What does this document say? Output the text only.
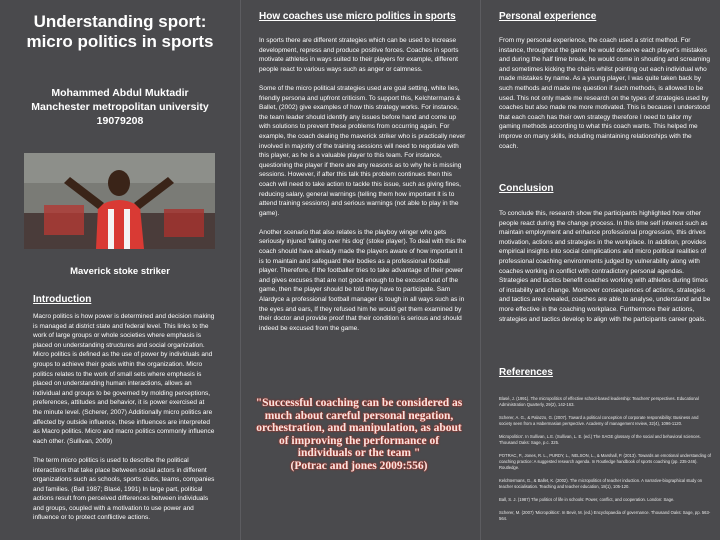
Understanding sport: micro politics in sports
Mohammed Abdul Muktadir
Manchester metropolitan university
19079208
Maverick stoke striker
Introduction

Macro politics is how power is determined and decision making is managed at district state and federal level. This links to the work of large groups or whole societies where emphasis is placed on understanding structures and social organization. Micro politics is defined as the use of power by individuals and groups to achieve their goals within the organization. Micro politics relates to the work of small sets where emphasis is placed on understanding human interactions, allows an individual and groups to be governed by molding perceptions, preferences, attitudes and behavior, it is power exercised at the minute level. (Scherer, 2007) Additionally micro politics are affected by outside influence, these influences are interpreted as Macro politics. Micro and macro politics commonly influence each other. (Sullivan, 2009)

The term micro politics is used to describe the political interactions that take place between social actors in different organizations such as schools, sports clubs, teams, companies and families. (Ball 1987; Blasé, 1991) In large part, political actions result from perceived differences between individuals and groups, coupled with a motivation to use power and influence or to protect conflictive actions.

How coaches use micro politics in sports

In sports there are different strategies which can be used to increase development, repress and produce positive forces. Coaches in sports motivate athletes in ways suited to their players for example, different people react to various ways such as anger or calmness.

Some of the micro political strategies used are goal setting, white lies, friendly persona and upfront criticism. To support this, Kelchtermans & Ballet, (2002) give examples of how this strategy works. For instance, the team leader should identify any issues before hand and come up with solutions to prevent these problems from occurring again. For example, the coach dealing the maverick striker who is practically never involved in majority of the training sessions will need to negotiate with this player, as he is a valuable player to this team. For instance, questioning the player if there are any reasons as to why he is missing sessions. However, if after this talk this problem continues then this coach will need to take action to tackle this issue, such as giving fines, reducing salary, general warnings (telling them how important it is to attend training sessions) and serious warnings (not able to play in the game).

Another scenario that also relates is the playboy winger who gets seriously injured 'failing over his dog' (stoke player). To deal with this the coach should have already made the players aware of how important it is to maintain and safeguard their bodies as a professional football player. Therefore, if the footballer tries to take advantage of their power and gives excuses that are not good enough to be excused out of the game, then the player should be told they have to participate. Sam Alardyce a professional football manager is tough in all ways such as in the eyes and ears, If they refused him he would get them examined by their doctor and provide proof that their condition is serious and should indeed be excused from the game.

"Successful coaching can be considered as much about careful personal negation, orchestration, and manipulation, as about of improving the performance of individuals or the team "
(Potrac and jones 2009:556)
Personal experience

From my personal experience, the coach used a strict method. For instance, throughout the game he would observe each player's mistakes and during the half time break, he would come in shouting and screaming and sometimes kicking the chairs whilst pointing out each individual who made mistakes by name. As a young player, I was quite taken back by such methods and made me question if such methods, is allowed to be used. This not only made me research on the types of strategies used by coaches but also made me more motivated. This is because I understood that each coach has their own strategy therefore I need to tailor my gaming methods according to what this coach wants. This helped me improve on many skills, including maintaining relationships with the coach.

Conclusion

To conclude this, research show the participants highlighted how other people react during the change process. In this time self interest such as maintain employment and enhance professional progression, this drives motivation, actions and strategies in the workplace. In addition, provides empirical insights into social complications and micro political realities of professional coaching environments judged by vulnerability along with coaches working in conflict with contradictory personal agendas. Strategies and tactics benefit coaches working with athletes during times of instability and change. Moreover consequences of actions, strategies and tactics are revealed, coaches are able to analyse, understand and be more effective in the coaching workplace. Furthermore their actions, strategies and tactics develop to align with the participants career goals.

References

Blasé, J. (1991). The micropolitics of effective school-based leadership: Teachers' perspectives. Educational Administration Quarterly, 29(2), 142-163.

Scherer, A. G., & Palazzo, G. (2007). Toward a political conception of corporate responsibility: Business and society seen from a Habermasian perspective. Academy of management review, 32(4), 1096-1120.

Micropolitics'. In Sullivan, L.E. (Sullivan, L. E. (ed.) The SAGE glossary of the social and behavioral sciences. Thousand Oaks: Sage, p.c. 325.

POTRAC, P., Jones, R. L., PURDY, L., NELSON, L., & Marshall, P. (2013). Towards an emotional understanding of coaching practice: A suggested research agenda. In Routledge handbook of sports coaching (pp. 235-246). Routledge.

Kelchtermans, G., & Ballet, K. (2002). The micropolitics of teacher induction. A narrative-biographical study on teacher socialisation. Teaching and teacher education, 18(1), 105-120.

Ball, S. J. (1987) The politics of life in schools: Power, conflict, and cooperation. London: Sage.

Scherer, M. (2007) 'Micropolitics'. In Bevir, M. (ed.) Encyclopaedia of governance. Thousand Oaks: Sage, pp. 563-564.
